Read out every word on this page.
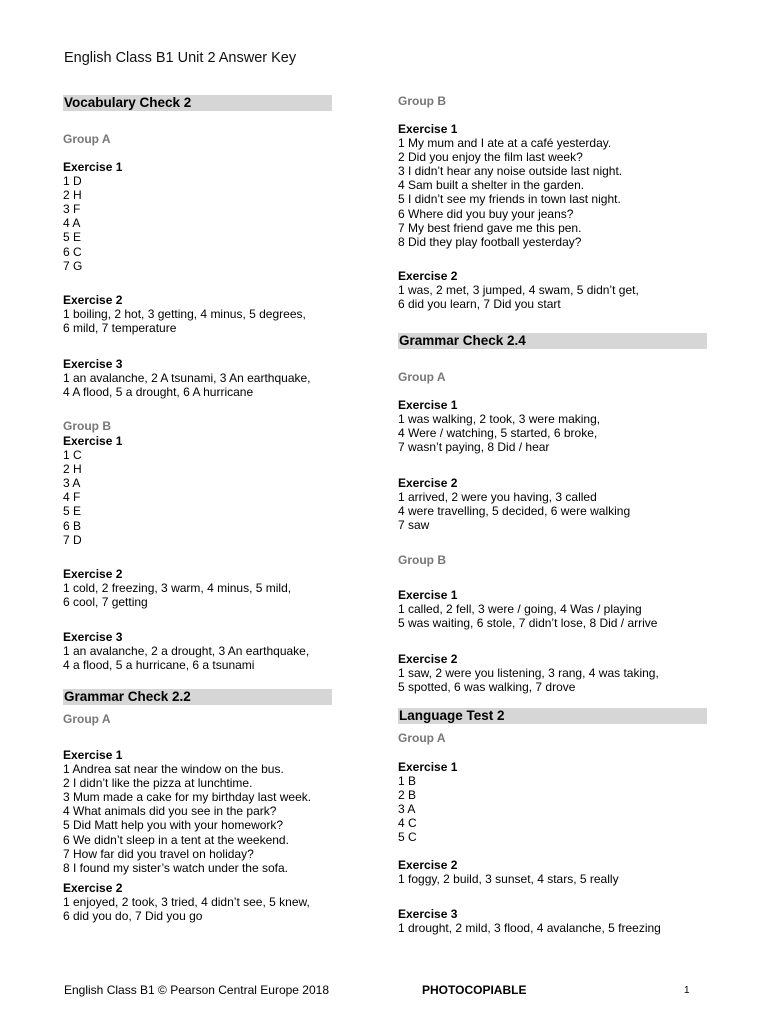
English Class B1 Unit 2 Answer Key
Vocabulary Check 2
Group A
Exercise 1
1 D
2 H
3 F
4 A
5 E
6 C
7 G
Exercise 2
1 boiling, 2 hot, 3 getting, 4 minus, 5 degrees,
6 mild, 7 temperature
Exercise 3
1 an avalanche, 2 A tsunami, 3 An earthquake,
4 A flood, 5 a drought, 6 A hurricane
Group B
Exercise 1
1 C
2 H
3 A
4 F
5 E
6 B
7 D
Exercise 2
1 cold, 2 freezing, 3 warm, 4 minus, 5 mild,
6 cool, 7 getting
Exercise 3
1 an avalanche, 2 a drought, 3 An earthquake,
4 a flood, 5 a hurricane, 6 a tsunami
Grammar Check 2.2
Group A
Exercise 1
1 Andrea sat near the window on the bus.
2 I didn’t like the pizza at lunchtime.
3 Mum made a cake for my birthday last week.
4 What animals did you see in the park?
5 Did Matt help you with your homework?
6 We didn’t sleep in a tent at the weekend.
7 How far did you travel on holiday?
8 I found my sister’s watch under the sofa.
Exercise 2
1 enjoyed, 2 took, 3 tried, 4 didn’t see, 5 knew,
6 did you do, 7 Did you go
Group B
Exercise 1
1 My mum and I ate at a café yesterday.
2 Did you enjoy the film last week?
3 I didn’t hear any noise outside last night.
4 Sam built a shelter in the garden.
5 I didn’t see my friends in town last night.
6 Where did you buy your jeans?
7 My best friend gave me this pen.
8 Did they play football yesterday?
Exercise 2
1 was, 2 met, 3 jumped, 4 swam, 5 didn’t get,
6 did you learn, 7 Did you start
Grammar Check 2.4
Group A
Exercise 1
1 was walking, 2 took, 3 were making,
4 Were / watching, 5 started, 6 broke,
7 wasn’t paying, 8 Did / hear
Exercise 2
1 arrived, 2 were you having, 3 called
4 were travelling, 5 decided, 6 were walking
7 saw
Group B
Exercise 1
1 called, 2 fell, 3 were / going, 4 Was / playing
5 was waiting, 6 stole, 7 didn’t lose, 8 Did / arrive
Exercise 2
1 saw, 2 were you listening, 3 rang, 4 was taking,
5 spotted, 6 was walking, 7 drove
Language Test 2
Group A
Exercise 1
1 B
2 B
3 A
4 C
5 C
Exercise 2
1 foggy, 2 build, 3 sunset, 4 stars, 5 really
Exercise 3
1 drought, 2 mild, 3 flood, 4 avalanche, 5 freezing
English Class B1 © Pearson Central Europe 2018	PHOTOCOPIABLE	1
